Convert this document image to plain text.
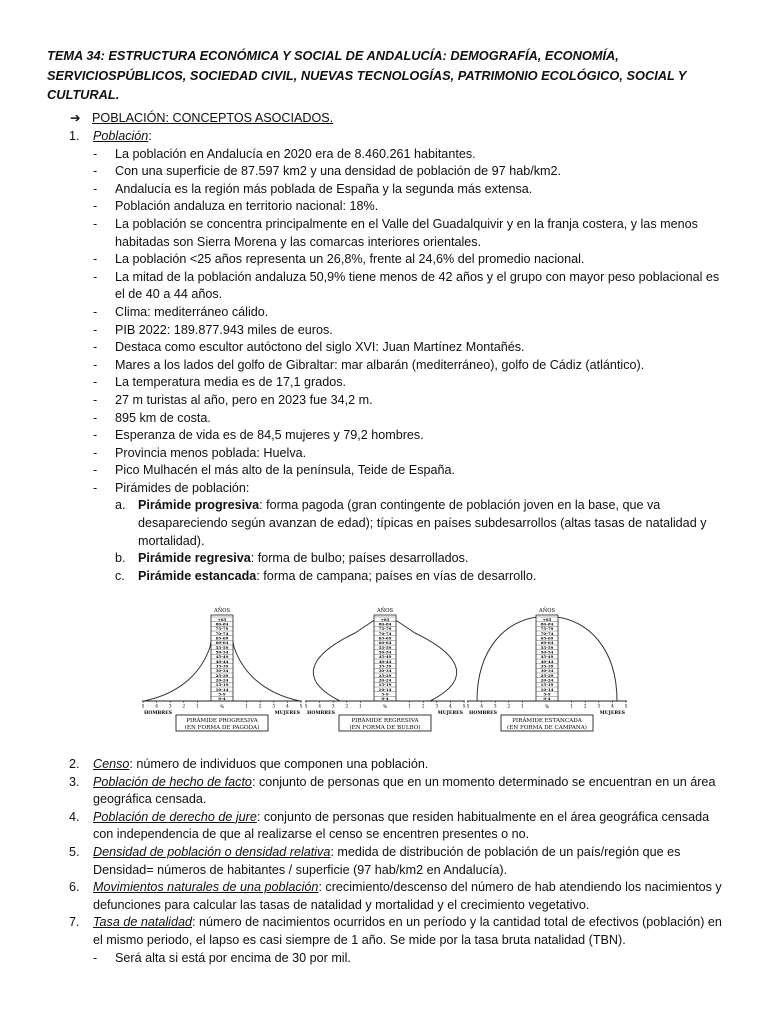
TEMA 34: ESTRUCTURA ECONÓMICA Y SOCIAL DE ANDALUCÍA: DEMOGRAFÍA, ECONOMÍA, SERVICIOSPÚBLICOS, SOCIEDAD CIVIL, NUEVAS TECNOLOGÍAS, PATRIMONIO ECOLÓGICO, SOCIAL Y CULTURAL.

➔ POBLACIÓN: CONCEPTOS ASOCIADOS.
1. Población:
- La población en Andalucía en 2020 era de 8.460.261 habitantes.
- Con una superficie de 87.597 km2 y una densidad de población de 97 hab/km2.
- Andalucía es la región más poblada de España y la segunda más extensa.
- Población andaluza en territorio nacional: 18%.
- La población se concentra principalmente en el Valle del Guadalquivir y en la franja costera, y las menos habitadas son Sierra Morena y las comarcas interiores orientales.
- La población <25 años representa un 26,8%, frente al 24,6% del promedio nacional.
- La mitad de la población andaluza 50,9% tiene menos de 42 años y el grupo con mayor peso poblacional es el de 40 a 44 años.
- Clima: mediterráneo cálido.
- PIB 2022: 189.877.943 miles de euros.
- Destaca como escultor autóctono del siglo XVI: Juan Martínez Montañés.
- Mares a los lados del golfo de Gibraltar: mar albarán (mediterráneo), golfo de Cádiz (atlántico).
- La temperatura media es de 17,1 grados.
- 27 m turistas al año, pero en 2023 fue 34,2 m.
- 895 km de costa.
- Esperanza de vida es de 84,5 mujeres y 79,2 hombres.
- Provincia menos poblada: Huelva.
- Pico Mulhacén el más alto de la península, Teide de España.
- Pirámides de población:
a. Pirámide progresiva: forma pagoda (gran contingente de población joven en la base, que va desapareciendo según avanzan de edad); típicas en países subdesarrollos (altas tasas de natalidad y mortalidad).
b. Pirámide regresiva: forma de bulbo; países desarrollados.
c. Pirámide estancada: forma de campana; países en vías de desarrollo.
AÑOS
+85
80-84
75-79
70-74
65-69
60-64
55-59
50-54
45-49
40-44
35-39
30-34
25-29
20-24
15-19
10-14
5-9
0-4
1	1
2	2
3	3
4	4
5	5
HOMBRES
%
MUJERES
PIRÁMIDE PROGRESIVA
(EN FORMA DE PAGODA)
AÑOS
+85
80-84
75-79
70-74
65-69
60-64
55-59
50-54
45-49
40-44
35-39
30-34
25-29
20-24
15-19
10-14
5-9
0-4
1	1
2	2
3	3
4	4
5	5
HOMBRES
%
MUJERES
PIRÁMIDE REGRESIVA
(EN FORMA DE BULBO)
AÑOS
+85
80-84
75-79
70-74
65-69
60-64
55-59
50-54
45-49
40-44
35-39
30-34
25-29
20-24
15-19
10-14
5-9
0-4
1	1
2	2
3	3
4	4
5	5
HOMBRES
%
MUJERES
PIRÁMIDE ESTANCADA
(EN FORMA DE CAMPANA)
2. Censo: número de individuos que componen una población.
3. Población de hecho de facto: conjunto de personas que en un momento determinado se encuentran en un área geográfica censada.
4. Población de derecho de jure: conjunto de personas que residen habitualmente en el área geográfica censada con independencia de que al realizarse el censo se encentren presentes o no.
5. Densidad de población o densidad relativa: medida de distribución de población de un país/región que es Densidad= números de habitantes / superficie (97 hab/km2 en Andalucía).
6. Movimientos naturales de una población: crecimiento/descenso del número de hab atendiendo los nacimientos y defunciones para calcular las tasas de natalidad y mortalidad y el crecimiento vegetativo.
7. Tasa de natalidad: número de nacimientos ocurridos en un período y la cantidad total de efectivos (población) en el mismo periodo, el lapso es casi siempre de 1 año. Se mide por la tasa bruta natalidad (TBN).
- Será alta si está por encima de 30 por mil.
